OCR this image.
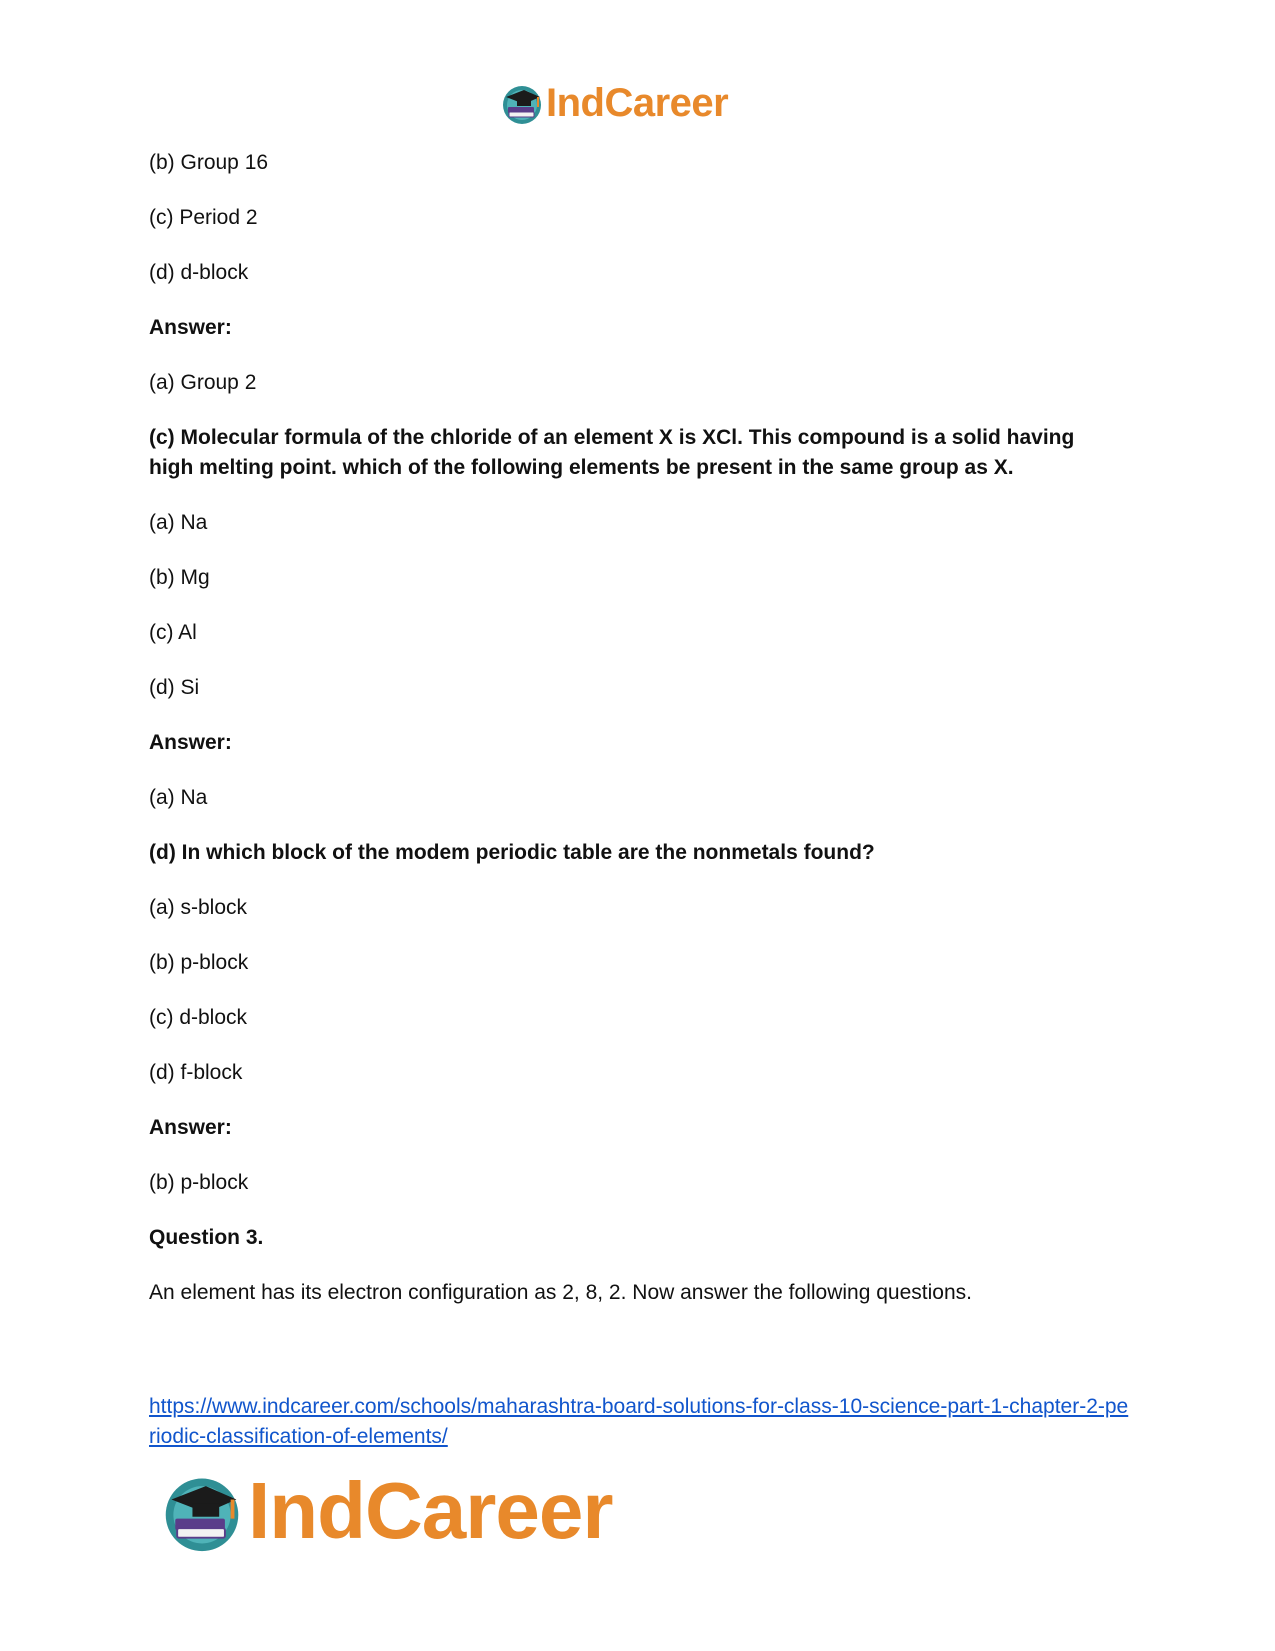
IndCareer

(b) Group 16

(c) Period 2

(d) d-block

Answer:

(a) Group 2

(c) Molecular formula of the chloride of an element X is XCl. This compound is a solid having high melting point. which of the following elements be present in the same group as X.

(a) Na

(b) Mg

(c) Al

(d) Si

Answer:

(a) Na

(d) In which block of the modem periodic table are the nonmetals found?

(a) s-block

(b) p-block

(c) d-block

(d) f-block

Answer:

(b) p-block

Question 3.

An element has its electron configuration as 2, 8, 2. Now answer the following questions.

https://www.indcareer.com/schools/maharashtra-board-solutions-for-class-10-science-part-1-chapter-2-periodic-classification-of-elements/
IndCareer
